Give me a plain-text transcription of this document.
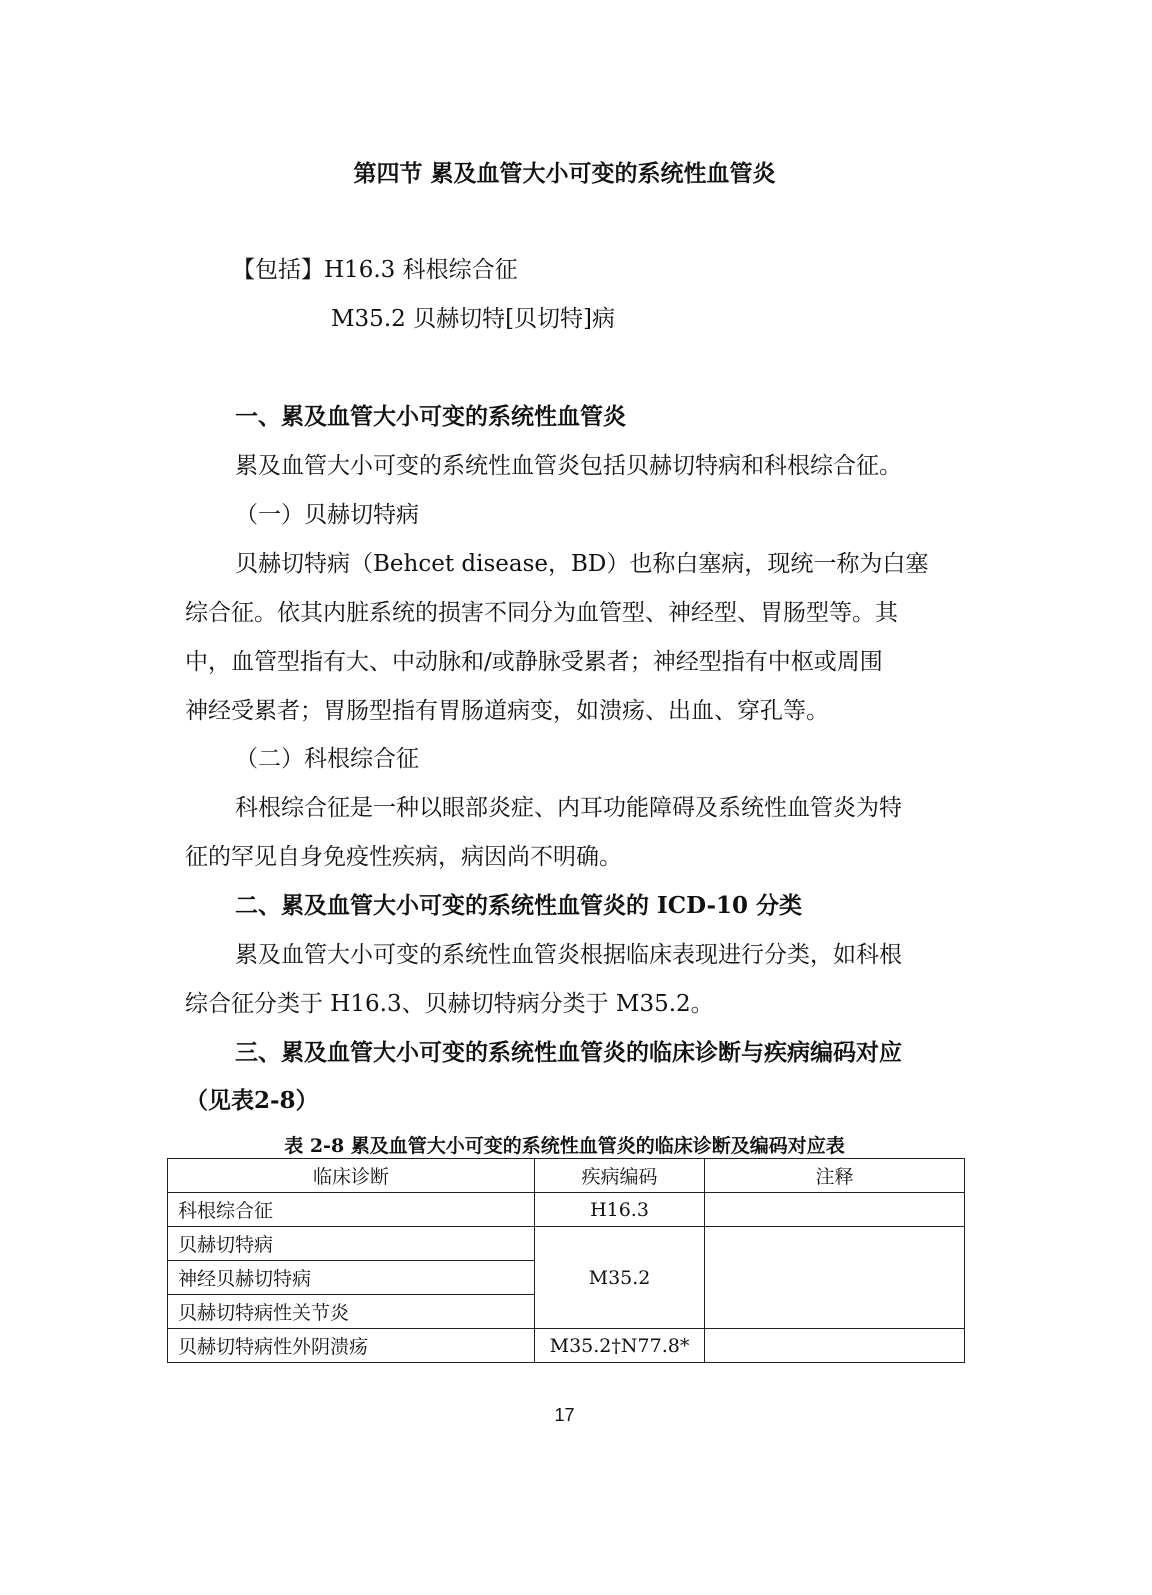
第四节 累及血管大小可变的系统性血管炎
【包括】H16.3 科根综合征
M35.2 贝赫切特[贝切特]病
一、累及血管大小可变的系统性血管炎
累及血管大小可变的系统性血管炎包括贝赫切特病和科根综合征。
（一）贝赫切特病
贝赫切特病（Behcet disease，BD）也称白塞病，现统一称为白塞
综合征。依其内脏系统的损害不同分为血管型、神经型、胃肠型等。其
中，血管型指有大、中动脉和/或静脉受累者；神经型指有中枢或周围
神经受累者；胃肠型指有胃肠道病变，如溃疡、出血、穿孔等。
（二）科根综合征
科根综合征是一种以眼部炎症、内耳功能障碍及系统性血管炎为特
征的罕见自身免疫性疾病，病因尚不明确。
二、累及血管大小可变的系统性血管炎的 ICD-10 分类
累及血管大小可变的系统性血管炎根据临床表现进行分类，如科根
综合征分类于 H16.3、贝赫切特病分类于 M35.2。
三、累及血管大小可变的系统性血管炎的临床诊断与疾病编码对应
（见表2-8）
表 2-8 累及血管大小可变的系统性血管炎的临床诊断及编码对应表
临床诊断	疾病编码	注释
科根综合征	H16.3	
贝赫切特病	M35.2	
神经贝赫切特病		
贝赫切特病性关节炎		
贝赫切特病性外阴溃疡	M35.2†N77.8*	
17
